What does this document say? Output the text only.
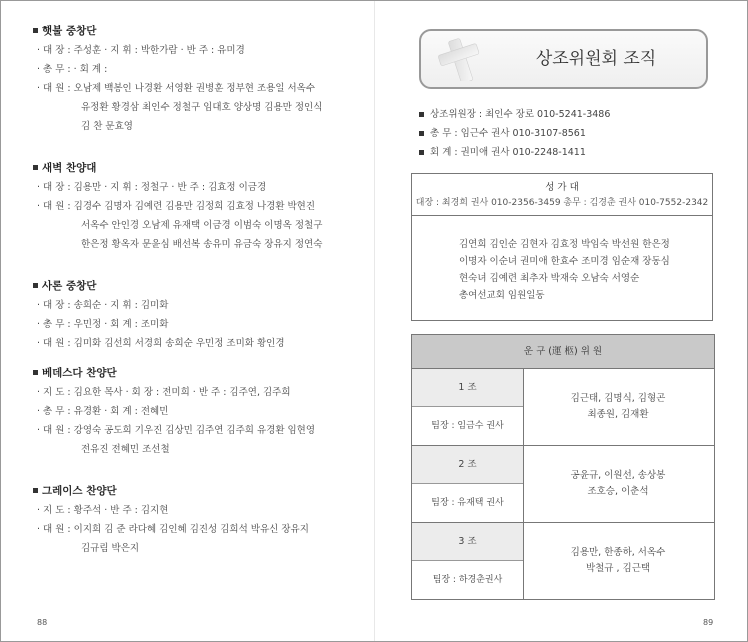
햇불 중창단
· 대 장 : 주성훈 · 지 휘 : 박한가람 · 반 주 : 유미경
· 총 무 : · 회 계 :
· 대 원 : 오남제 백봉인 나경환 서영환 권병훈 정부현 조용일 서옥수
유정환 황경삼 최인수 정철구 임대호 양상명 김용만 정인식
김 찬 문효영
새벽 찬양대
· 대 장 : 김용만 · 지 휘 : 정철구 · 반 주 : 김효정 이금경
· 대 원 : 김경수 김명자 김예련 김용만 김정희 김효정 나경환 박현진
서옥수 안인경 오남제 유재택 이금경 이범숙 이명옥 정철구
한은정 황옥자 문윤심 배선복 송유미 유금숙 장유지 정연숙
사론 중창단
· 대 장 : 송희순 · 지 휘 : 김미화
· 총 무 : 우민정 · 회 계 : 조미화
· 대 원 : 김미화 김선희 서경희 송희순 우민정 조미화 황인경
베데스다 찬양단
· 지 도 : 김요한 목사 · 회 장 : 전미희 · 반 주 : 김주연, 김주희
· 총 무 : 유경환 · 회 계 : 전혜민
· 대 원 : 강영숙 공도희 기우진 김상민 김주연 김주희 유경환 임현영
전유진 전혜민 조선철
그레이스 찬양단
· 지 도 : 황주석 · 반 주 : 김지현
· 대 원 : 이지희 김 준 라다혜 김인혜 김진성 김희석 박유신 장유지
김규림 박은지
88
상조위원회 조직
상조위원장 : 최인수 장로 010-5241-3486
총 무 : 임근수 권사 010-3107-8561
회 계 : 권미애 권사 010-2248-1411
성 가 대
대장 : 최경희 권사 010-2356-3459 총무 : 김경춘 권사 010-7552-2342
김연희 김인순 김현자 김효정 박임숙 박선원 한은정
이명자 이순녀 권미애 한효수 조미경 임순재 장동심
현숙녀 김예련 최추자 박재숙 오남숙 서영순
총여선교회 임원일동
운 구 (運 柩) 위 원
1 조
팀장 : 임금수 권사
김근태, 김명식, 김형곤
최종원, 김재환
2 조
팀장 : 유재택 권사
공윤규, 이원선, 송상봉
조호승, 이춘석
3 조
팀장 : 하경춘권사
김용만, 한종하, 서옥수
박철규 , 김근택
89
